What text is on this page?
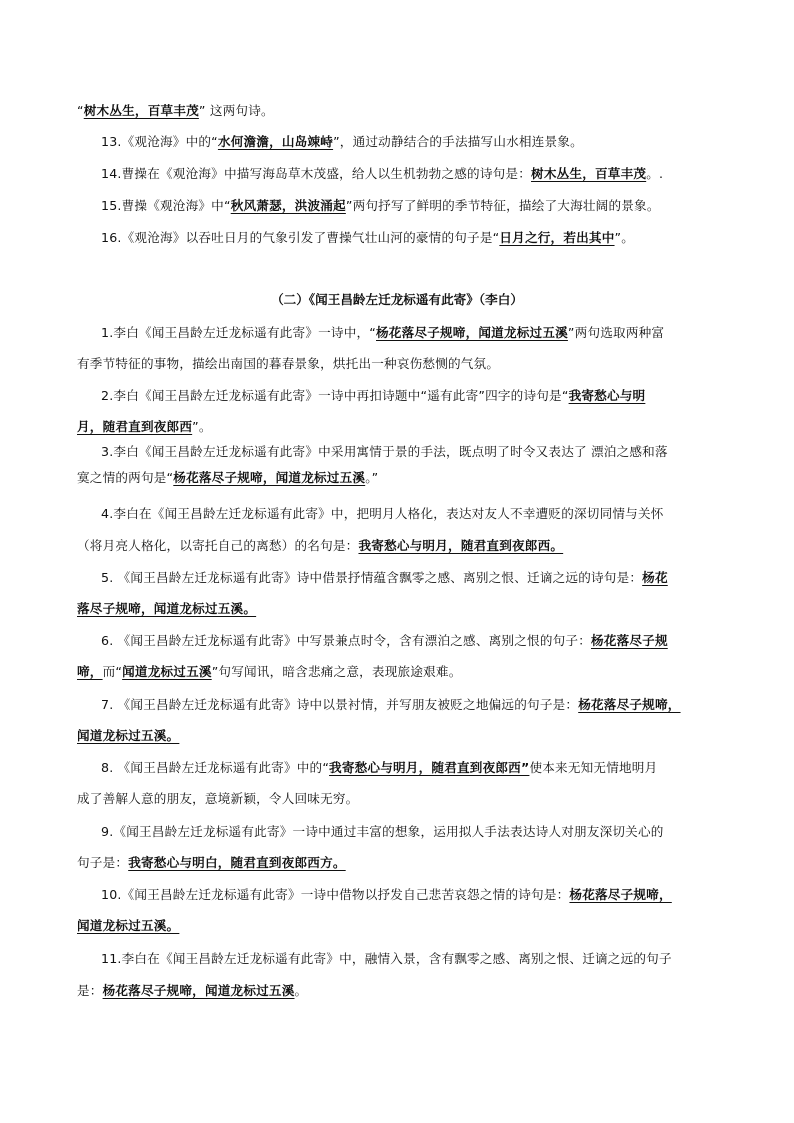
“树木丛生，百草丰茂” 这两句诗。
13.《观沧海》中的“水何澹澹，山岛竦峙”，通过动静结合的手法描写山水相连景象。
14.曹操在《观沧海》中描写海岛草木茂盛，给人以生机勃勃之感的诗句是：树木丛生，百草丰茂。.
15.曹操《观沧海》中“秋风萧瑟，洪波涌起”两句抒写了鲜明的季节特征，描绘了大海壮阔的景象。
16.《观沧海》以吞吐日月的气象引发了曹操气壮山河的豪情的句子是“日月之行，若出其中”。
（二）《闻王昌龄左迁龙标遥有此寄》（李白）
1.李白《闻王昌龄左迁龙标遥有此寄》一诗中，“杨花落尽子规啼，闻道龙标过五溪”两句选取两种富
有季节特征的事物，描绘出南国的暮春景象，烘托出一种哀伤愁恻的气氛。
2.李白《闻王昌龄左迁龙标遥有此寄》一诗中再扣诗题中“遥有此寄”四字的诗句是“我寄愁心与明
月，随君直到夜郎西”。
3.李白《闻王昌龄左迁龙标遥有此寄》中采用寓情于景的手法，既点明了时令又表达了 漂泊之感和落
寞之情的两句是“杨花落尽子规啼，闻道龙标过五溪。”
4.李白在《闻王昌龄左迁龙标遥有此寄》中，把明月人格化，表达对友人不幸遭贬的深切同情与关怀
（将月亮人格化，以寄托自己的离愁）的名句是：我寄愁心与明月，随君直到夜郎西。
5. 《闻王昌龄左迁龙标遥有此寄》诗中借景抒情蕴含飘零之感、离别之恨、迁谪之远的诗句是：杨花
落尽子规啼，闻道龙标过五溪。
6. 《闻王昌龄左迁龙标遥有此寄》中写景兼点时令，含有漂泊之感、离别之恨的句子：杨花落尽子规
啼，而“闻道龙标过五溪”句写闻讯，暗含悲痛之意，表现旅途艰难。
7. 《闻王昌龄左迁龙标遥有此寄》诗中以景衬情，并写朋友被贬之地偏远的句子是：杨花落尽子规啼，
闻道龙标过五溪。
8. 《闻王昌龄左迁龙标遥有此寄》中的“我寄愁心与明月，随君直到夜郎西”使本来无知无情地明月
成了善解人意的朋友，意境新颖，令人回味无穷。
9.《闻王昌龄左迁龙标遥有此寄》一诗中通过丰富的想象，运用拟人手法表达诗人对朋友深切关心的
句子是：我寄愁心与明白，随君直到夜郎西方。
10.《闻王昌龄左迁龙标遥有此寄》一诗中借物以抒发自己悲苦哀怨之情的诗句是：杨花落尽子规啼，
闻道龙标过五溪。
11.李白在《闻王昌龄左迁龙标遥有此寄》中，融情入景，含有飘零之感、离别之恨、迁谪之远的句子
是：杨花落尽子规啼，闻道龙标过五溪。
